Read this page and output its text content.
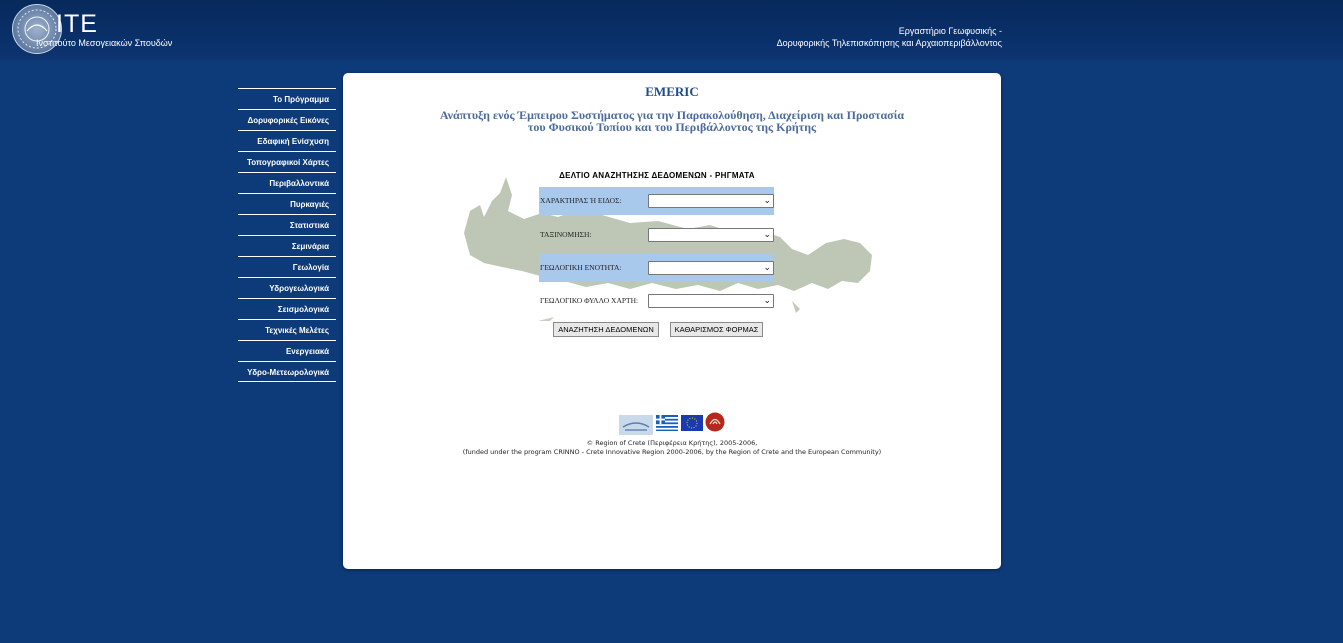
ITE
Ινστιτούτο Μεσογειακών Σπουδών
Εργαστήριο Γεωφυσικής -
Δορυφορικής Τηλεπισκόπησης και Αρχαιοπεριβάλλοντος
Το Πρόγραμμα
Δορυφορικές Εικόνες
Εδαφική Ενίσχυση
Τοπογραφικοί Χάρτες
Περιβαλλοντικά
Πυρκαγιές
Στατιστικά
Σεμινάρια
Γεωλογία
Υδρογεωλογικά
Σεισμολογικά
Τεχνικές Μελέτες
Ενεργειακά
Υδρο-Μετεωρολογικά
EMERIC
Ανάπτυξη ενός Έμπειρου Συστήματος για την Παρακολούθηση, Διαχείριση και Προστασία
του Φυσικού Τοπίου και του Περιβάλλοντος της Κρήτης
ΔΕΛΤΙΟ ΑΝΑΖΗΤΗΣΗΣ ΔΕΔΟΜΕΝΩΝ - ΡΗΓΜΑΤΑ
ΧΑΡΑΚΤΗΡΑΣ Ή ΕΙΔΟΣ:	⌄
ΤΑΞΙΝΟΜΗΣΗ:	⌄
ΓΕΩΛΟΓΙΚΗ ΕΝΟΤΗΤΑ:	⌄
ΓΕΩΛΟΓΙΚΟ ΦΥΛΛΟ ΧΑΡΤΗ:	⌄
ΑΝΑΖΗΤΗΣΗ ΔΕΔΟΜΕΝΩΝ	ΚΑΘΑΡΙΣΜΟΣ ΦΟΡΜΑΣ
© Region of Crete (Περιφέρεια Κρήτης), 2005-2006,
(funded under the program CRINNO - Crete Innovative Region 2000-2006, by the Region of Crete and the European Community)
